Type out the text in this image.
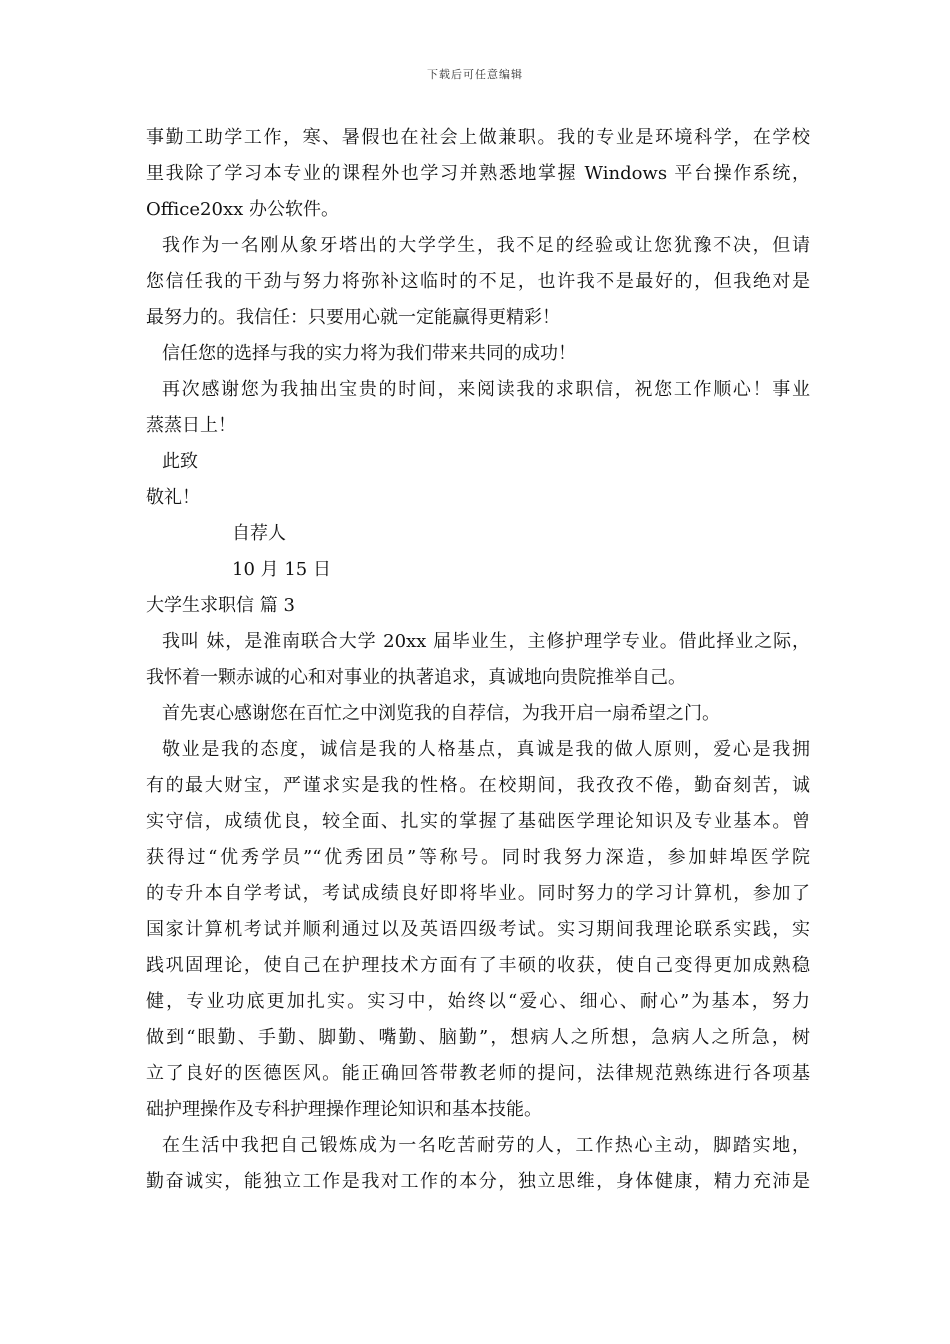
下载后可任意编辑
事勤工助学工作，寒、暑假也在社会上做兼职。我的专业是环境科学，在学校
里我除了学习本专业的课程外也学习并熟悉地掌握 Windows 平台操作系统，
Office20xx 办公软件。
我作为一名刚从象牙塔出的大学学生，我不足的经验或让您犹豫不决，但请
您信任我的干劲与努力将弥补这临时的不足，也许我不是最好的，但我绝对是
最努力的。我信任：只要用心就一定能赢得更精彩！
信任您的选择与我的实力将为我们带来共同的成功！
再次感谢您为我抽出宝贵的时间，来阅读我的求职信，祝您工作顺心！事业
蒸蒸日上！
此致
敬礼！
自荐人
10 月 15 日
大学生求职信 篇 3
我叫 妹，是淮南联合大学 20xx 届毕业生，主修护理学专业。借此择业之际，
我怀着一颗赤诚的心和对事业的执著追求，真诚地向贵院推举自己。
首先衷心感谢您在百忙之中浏览我的自荐信，为我开启一扇希望之门。
敬业是我的态度，诚信是我的人格基点，真诚是我的做人原则，爱心是我拥
有的最大财宝，严谨求实是我的性格。在校期间，我孜孜不倦，勤奋刻苦，诚
实守信，成绩优良，较全面、扎实的掌握了基础医学理论知识及专业基本。曾
获得过“优秀学员”“优秀团员”等称号。同时我努力深造，参加蚌埠医学院
的专升本自学考试，考试成绩良好即将毕业。同时努力的学习计算机，参加了
国家计算机考试并顺利通过以及英语四级考试。实习期间我理论联系实践，实
践巩固理论，使自己在护理技术方面有了丰硕的收获，使自己变得更加成熟稳
健，专业功底更加扎实。实习中，始终以“爱心、细心、耐心”为基本，努力
做到“眼勤、手勤、脚勤、嘴勤、脑勤”，想病人之所想，急病人之所急，树
立了良好的医德医风。能正确回答带教老师的提问，法律规范熟练进行各项基
础护理操作及专科护理操作理论知识和基本技能。
在生活中我把自己锻炼成为一名吃苦耐劳的人，工作热心主动，脚踏实地，
勤奋诚实，能独立工作是我对工作的本分，独立思维，身体健康，精力充沛是
